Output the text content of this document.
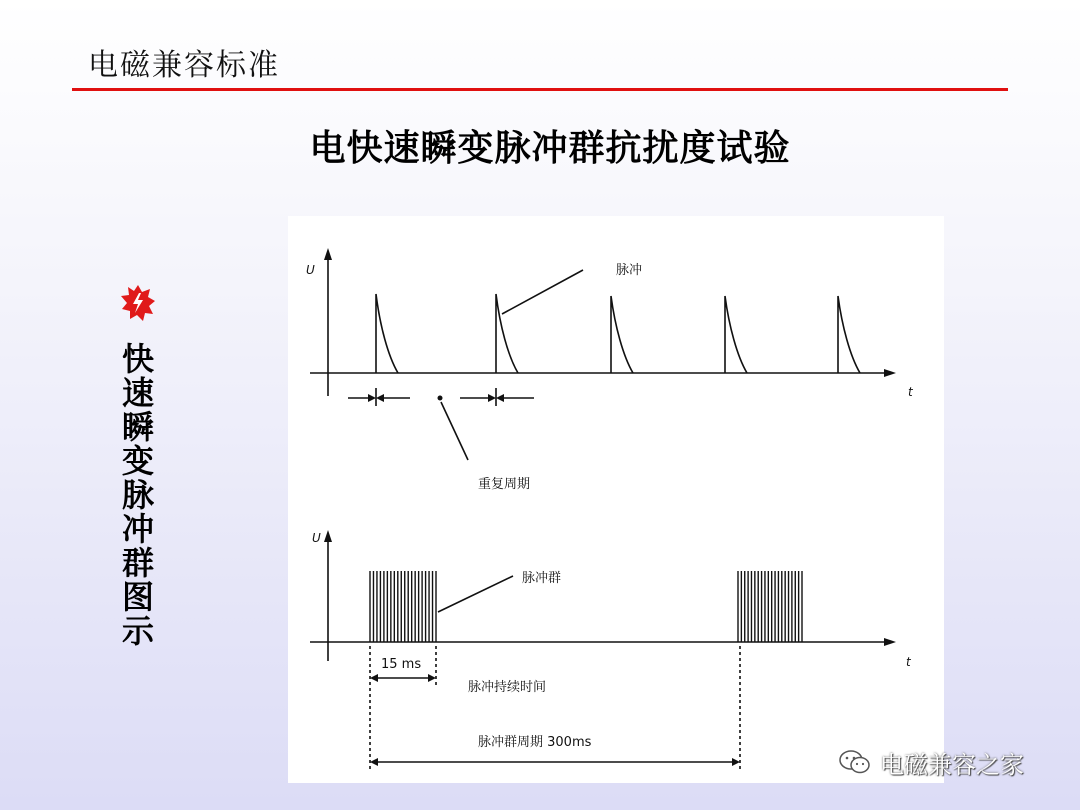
电磁兼容标准
电快速瞬变脉冲群抗扰度试验
快速瞬变脉冲群图示
U
t
脉冲
重复周期
U
t
脉冲群
15 ms
脉冲持续时间
脉冲群周期 300ms
电磁兼容之家
